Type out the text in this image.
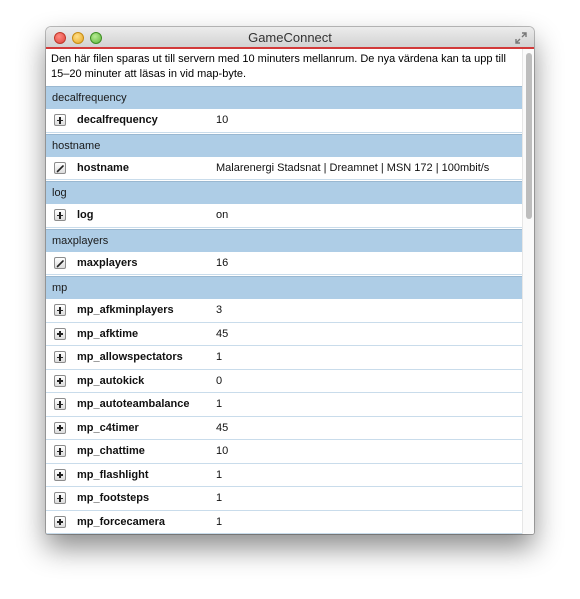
GameConnect
Den här filen sparas ut till servern med 10 minuters mellanrum. De nya värdena kan ta upp till 15–20 minuter att läsas in vid map-byte.
decalfrequency
decalfrequency	10
hostname
hostname	Malarenergi Stadsnat | Dreamnet | MSN 172 | 100mbit/s
log
log	on
maxplayers
maxplayers	16
mp
mp_afkminplayers	3
mp_afktime	45
mp_allowspectators	1
mp_autokick	0
mp_autoteambalance 1
mp_c4timer	45
mp_chattime	10
mp_flashlight	1
mp_footsteps	1
mp_forcecamera	1
